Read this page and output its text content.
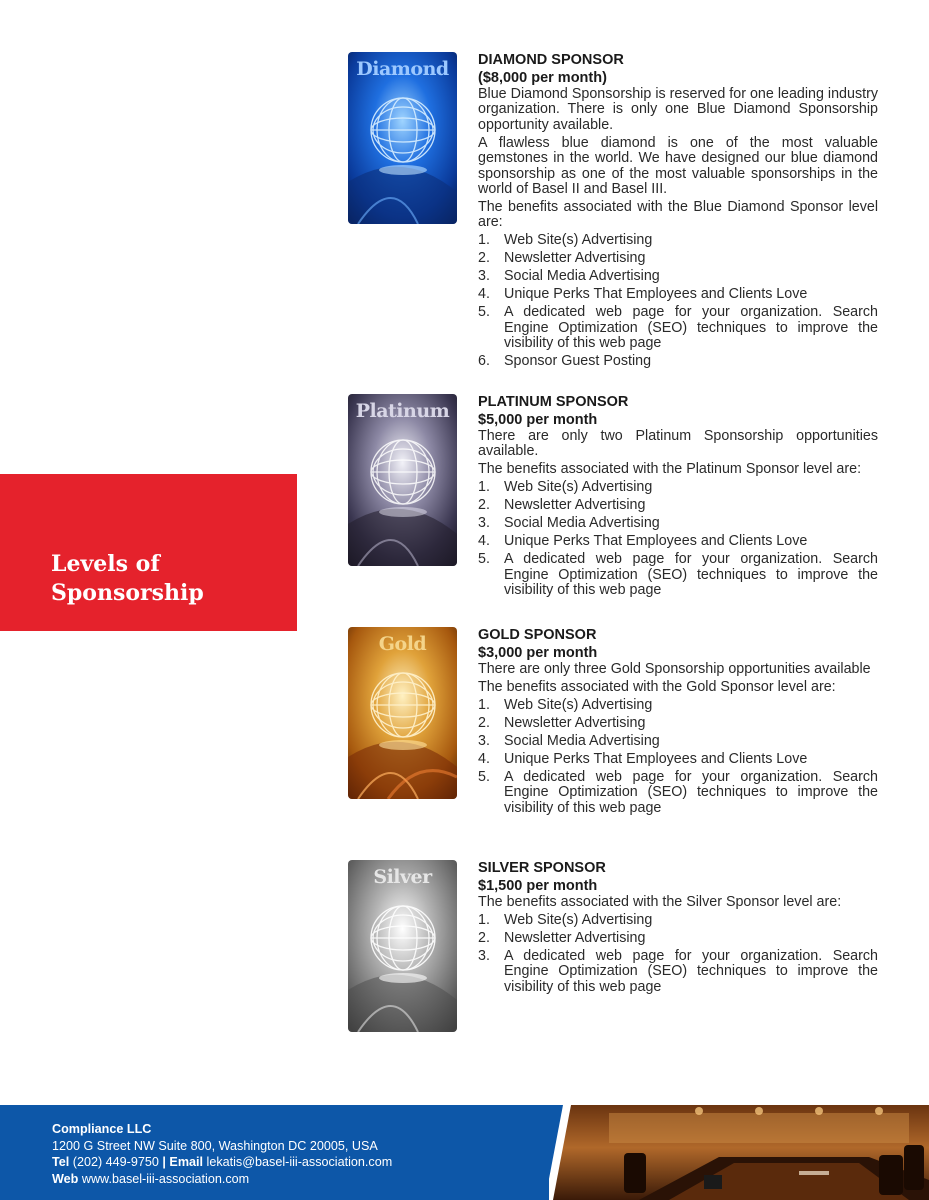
Levels of
Sponsorship
Diamond	DIAMOND SPONSOR
($8,000 per month)

Blue Diamond Sponsorship is reserved for one leading industry organization. There is only one Blue Diamond Sponsorship opportunity available.

A flawless blue diamond is one of the most valuable gemstones in the world. We have designed our blue diamond sponsorship as one of the most valuable sponsorships in the world of Basel II and Basel III.

The benefits associated with the Blue Diamond Sponsor level are:

1. Web Site(s) Advertising
2. Newsletter Advertising
3. Social Media Advertising
4. Unique Perks That Employees and Clients Love
5. A dedicated web page for your organization. Search Engine Optimization (SEO) techniques to improve the visibility of this web page
6. Sponsor Guest Posting
Platinum	PLATINUM SPONSOR
$5,000 per month

There are only two Platinum Sponsorship opportunities available.

The benefits associated with the Platinum Sponsor level are:

1. Web Site(s) Advertising
2. Newsletter Advertising
3. Social Media Advertising
4. Unique Perks That Employees and Clients Love
5. A dedicated web page for your organization. Search Engine Optimization (SEO) techniques to improve the visibility of this web page
Gold	GOLD SPONSOR
$3,000 per month

There are only three Gold Sponsorship opportunities available

The benefits associated with the Gold Sponsor level are:

1. Web Site(s) Advertising
2. Newsletter Advertising
3. Social Media Advertising
4. Unique Perks That Employees and Clients Love
5. A dedicated web page for your organization. Search Engine Optimization (SEO) techniques to improve the visibility of this web page
Silver	SILVER SPONSOR
$1,500 per month

The benefits associated with the Silver Sponsor level are:

1. Web Site(s) Advertising
2. Newsletter Advertising
3. A dedicated web page for your organization. Search Engine Optimization (SEO) techniques to improve the visibility of this web page
Compliance LLC
1200 G Street NW Suite 800, Washington DC 20005, USA
Tel (202) 449-9750 | Email lekatis@basel-iii-association.com
Web www.basel-iii-association.com
